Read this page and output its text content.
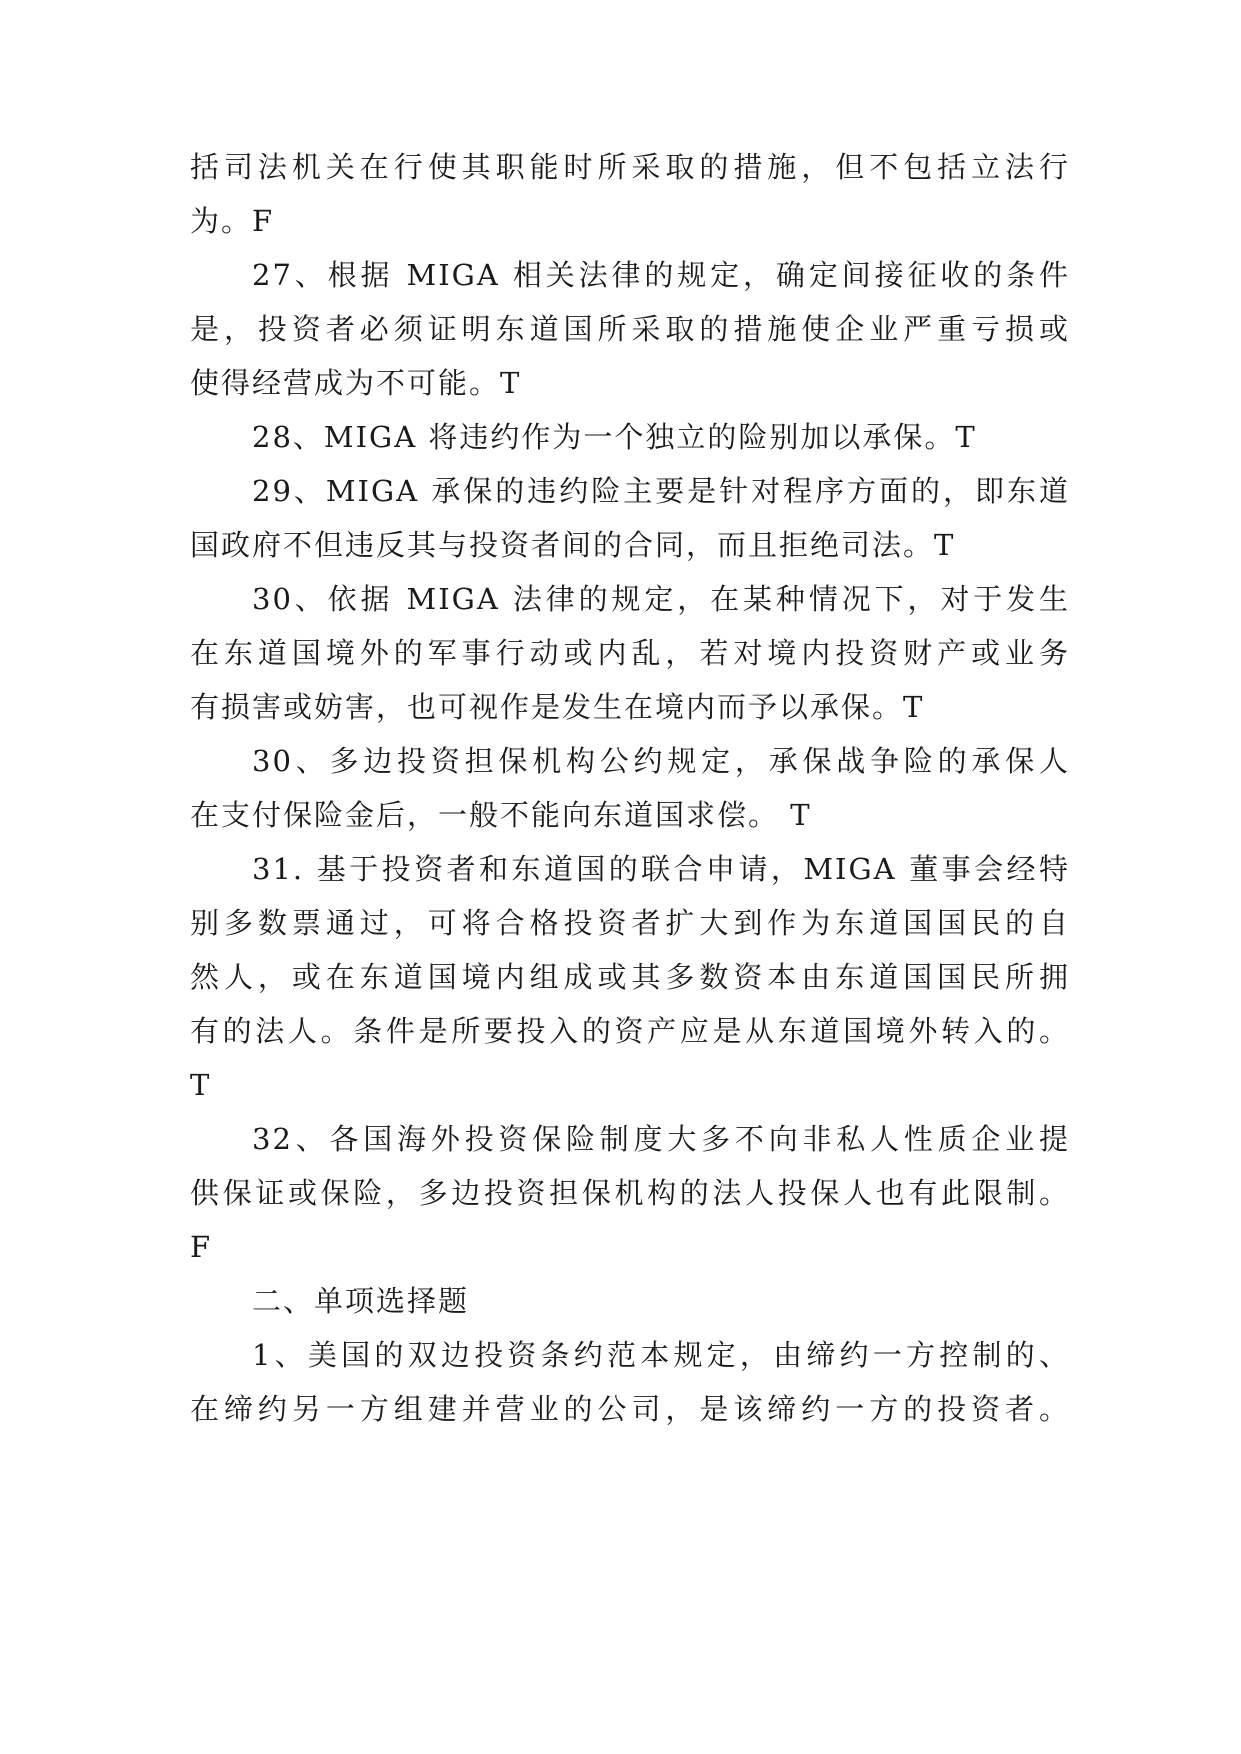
括司法机关在行使其职能时所采取的措施，但不包括立法行
为。F
27、根据 MIGA 相关法律的规定，确定间接征收的条件
是，投资者必须证明东道国所采取的措施使企业严重亏损或
使得经营成为不可能。T
28、MIGA 将违约作为一个独立的险别加以承保。T
29、MIGA 承保的违约险主要是针对程序方面的，即东道
国政府不但违反其与投资者间的合同，而且拒绝司法。T
30、依据 MIGA 法律的规定，在某种情况下，对于发生
在东道国境外的军事行动或内乱，若对境内投资财产或业务
有损害或妨害，也可视作是发生在境内而予以承保。T
30、多边投资担保机构公约规定，承保战争险的承保人
在支付保险金后，一般不能向东道国求偿。 T
31. 基于投资者和东道国的联合申请，MIGA 董事会经特
别多数票通过，可将合格投资者扩大到作为东道国国民的自
然人，或在东道国境内组成或其多数资本由东道国国民所拥
有的法人。条件是所要投入的资产应是从东道国境外转入的。
T
32、各国海外投资保险制度大多不向非私人性质企业提
供保证或保险，多边投资担保机构的法人投保人也有此限制。
F
二、单项选择题
1、美国的双边投资条约范本规定，由缔约一方控制的、
在缔约另一方组建并营业的公司，是该缔约一方的投资者。
